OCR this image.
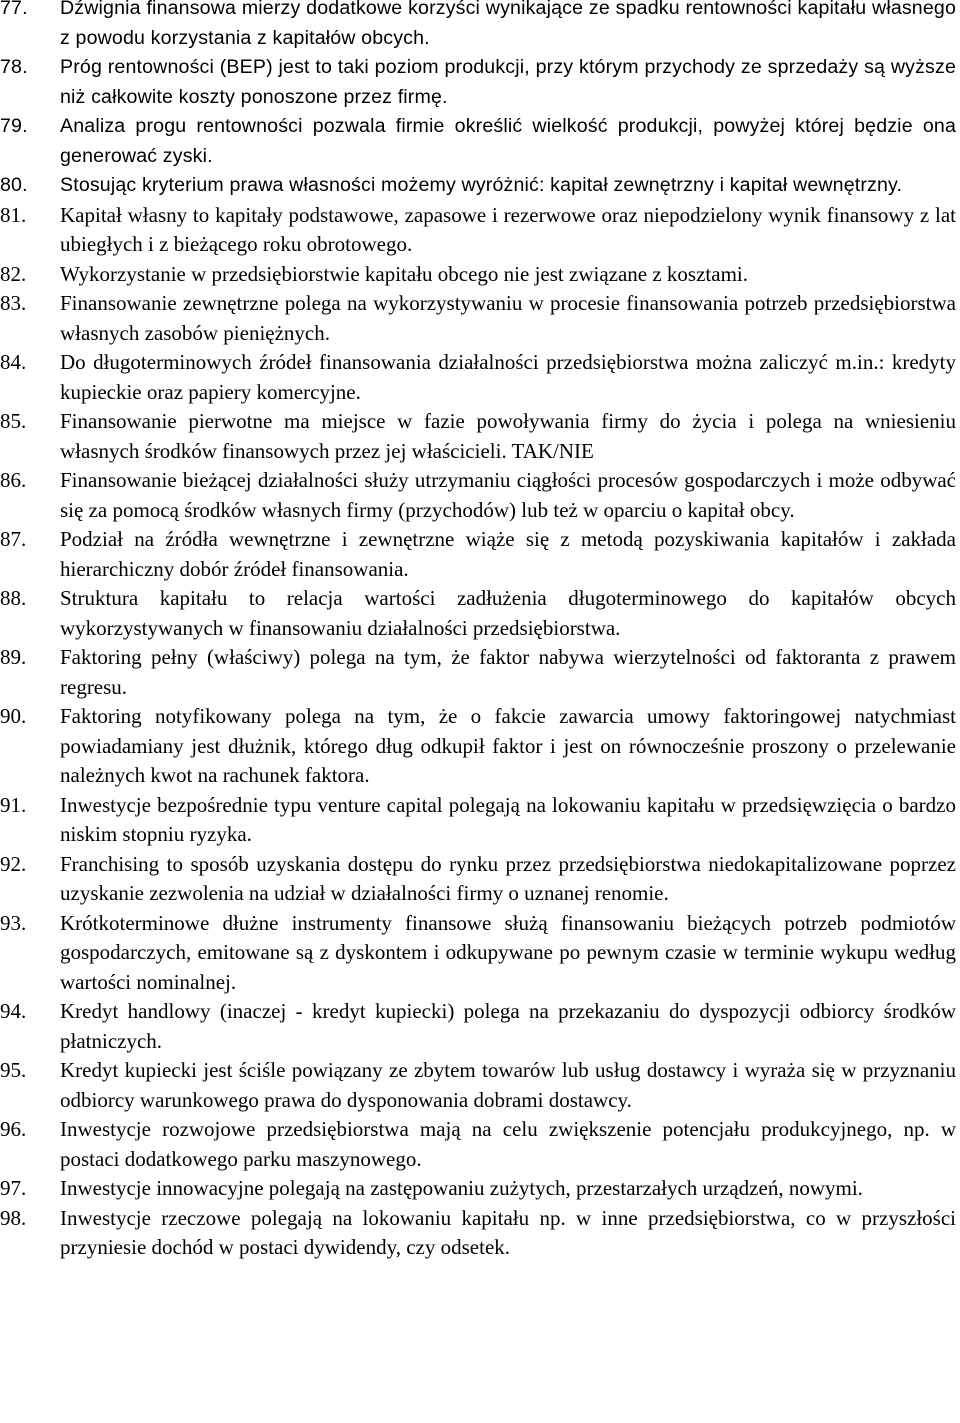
77. Dźwignia finansowa mierzy dodatkowe korzyści wynikające ze spadku rentowności kapitału własnego z powodu korzystania z kapitałów obcych.
78. Próg rentowności (BEP) jest to taki poziom produkcji, przy którym przychody ze sprzedaży są wyższe niż całkowite koszty ponoszone przez firmę.
79. Analiza progu rentowności pozwala firmie określić wielkość produkcji, powyżej której będzie ona generować zyski.
80. Stosując kryterium prawa własności możemy wyróżnić: kapitał zewnętrzny i kapitał wewnętrzny.
81. Kapitał własny to kapitały podstawowe, zapasowe i rezerwowe oraz niepodzielony wynik finansowy z lat ubiegłych i z bieżącego roku obrotowego.
82. Wykorzystanie w przedsiębiorstwie kapitału obcego nie jest związane z kosztami.
83. Finansowanie zewnętrzne polega na wykorzystywaniu w procesie finansowania potrzeb przedsiębiorstwa własnych zasobów pieniężnych.
84. Do długoterminowych źródeł finansowania działalności przedsiębiorstwa można zaliczyć m.in.: kredyty kupieckie oraz papiery komercyjne.
85. Finansowanie pierwotne ma miejsce w fazie powoływania firmy do życia i polega na wniesieniu własnych środków finansowych przez jej właścicieli. TAK/NIE
86. Finansowanie bieżącej działalności służy utrzymaniu ciągłości procesów gospodarczych i może odbywać się za pomocą środków własnych firmy (przychodów) lub też w oparciu o kapitał obcy.
87. Podział na źródła wewnętrzne i zewnętrzne wiąże się z metodą pozyskiwania kapitałów i zakłada hierarchiczny dobór źródeł finansowania.
88. Struktura kapitału to relacja wartości zadłużenia długoterminowego do kapitałów obcych wykorzystywanych w finansowaniu działalności przedsiębiorstwa.
89. Faktoring pełny (właściwy) polega na tym, że faktor nabywa wierzytelności od faktoranta z prawem regresu.
90. Faktoring notyfikowany polega na tym, że o fakcie zawarcia umowy faktoringowej natychmiast powiadamiany jest dłużnik, którego dług odkupił faktor i jest on równocześnie proszony o przelewanie należnych kwot na rachunek faktora.
91. Inwestycje bezpośrednie typu venture capital polegają na lokowaniu kapitału w przedsięwzięcia o bardzo niskim stopniu ryzyka.
92. Franchising to sposób uzyskania dostępu do rynku przez przedsiębiorstwa niedokapitalizowane poprzez uzyskanie zezwolenia na udział w działalności firmy o uznanej renomie.
93. Krótkoterminowe dłużne instrumenty finansowe służą finansowaniu bieżących potrzeb podmiotów gospodarczych, emitowane są z dyskontem i odkupywane po pewnym czasie w terminie wykupu według wartości nominalnej.
94. Kredyt handlowy (inaczej - kredyt kupiecki) polega na przekazaniu do dyspozycji odbiorcy środków płatniczych.
95. Kredyt kupiecki jest ściśle powiązany ze zbytem towarów lub usług dostawcy i wyraża się w przyznaniu odbiorcy warunkowego prawa do dysponowania dobrami dostawcy.
96. Inwestycje rozwojowe przedsiębiorstwa mają na celu zwiększenie potencjału produkcyjnego, np. w postaci dodatkowego parku maszynowego.
97. Inwestycje innowacyjne polegają na zastępowaniu zużytych, przestarzałych urządzeń, nowymi.
98. Inwestycje rzeczowe polegają na lokowaniu kapitału np. w inne przedsiębiorstwa, co w przyszłości przyniesie dochód w postaci dywidendy, czy odsetek.
